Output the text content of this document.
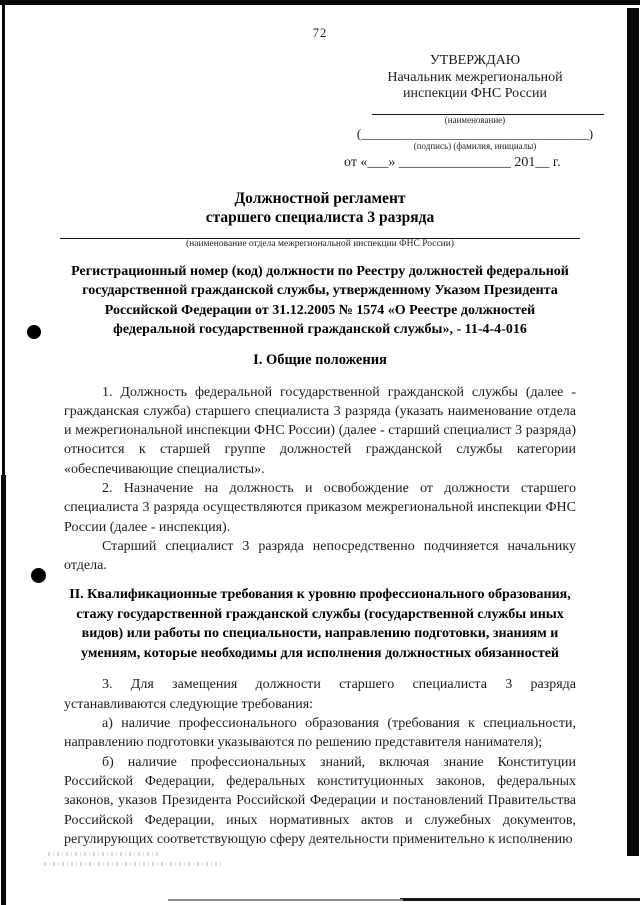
72
УТВЕРЖДАЮ
Начальник межрегиональной
инспекции ФНС России
(наименование)
(___________________________________)
(подпись) (фамилия, инициалы)
от «___» ________________ 201__ г.
Должностной регламент
старшего специалиста 3 разряда
(наименование отдела межрегиональной инспекции ФНС России)
Регистрационный номер (код) должности по Реестру должностей федеральной
государственной гражданской службы, утвержденному Указом Президента
Российской Федерации от 31.12.2005 № 1574 «О Реестре должностей
федеральной государственной гражданской службы», - 11-4-4-016
I. Общие положения

1. Должность федеральной государственной гражданской службы (далее - гражданская служба) старшего специалиста 3 разряда (указать наименование отдела и межрегиональной инспекции ФНС России) (далее - старший специалист 3 разряда) относится к старшей группе должностей гражданской службы категории «обеспечивающие специалисты».

2. Назначение на должность и освобождение от должности старшего специалиста 3 разряда осуществляются приказом межрегиональной инспекции ФНС России (далее - инспекция).

Старший специалист 3 разряда непосредственно подчиняется начальнику отдела.

II. Квалификационные требования к уровню профессионального образования,
стажу государственной гражданской службы (государственной службы иных
видов) или работы по специальности, направлению подготовки, знаниям и
умениям, которые необходимы для исполнения должностных обязанностей

3. Для замещения должности старшего специалиста 3 разряда устанавливаются следующие требования:

а) наличие профессионального образования (требования к специальности, направлению подготовки указываются по решению представителя нанимателя);

б) наличие профессиональных знаний, включая знание Конституции Российской Федерации, федеральных конституционных законов, федеральных законов, указов Президента Российской Федерации и постановлений Правительства Российской Федерации, иных нормативных актов и служебных документов, регулирующих соответствующую сферу деятельности применительно к исполнению
